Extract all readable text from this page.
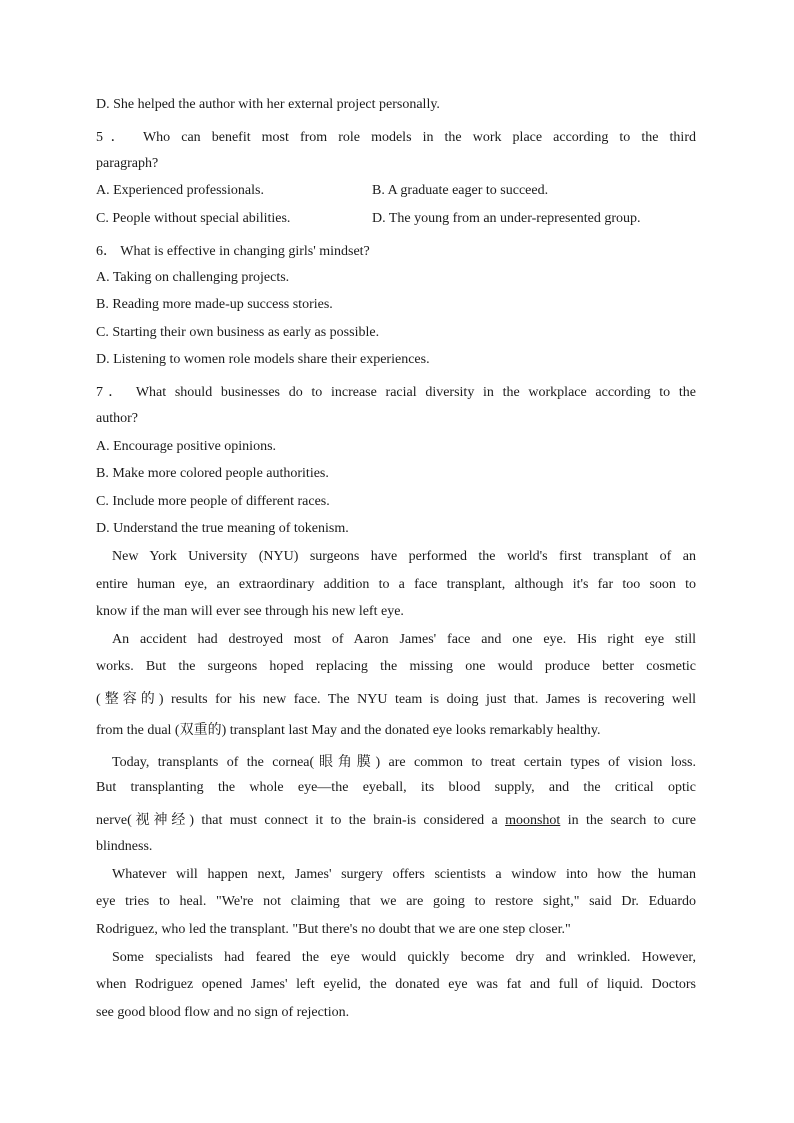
D. She helped the author with her external project personally.
5． Who can benefit most from role models in the work place according to the third
paragraph?
A. Experienced professionals.	B. A graduate eager to succeed.
C. People without special abilities.	D. The young from an under-represented group.
6． What is effective in changing girls' mindset?
A. Taking on challenging projects.
B. Reading more made-up success stories.
C. Starting their own business as early as possible.
D. Listening to women role models share their experiences.
7． What should businesses do to increase racial diversity in the workplace according to the
author?
A. Encourage positive opinions.
B. Make more colored people authorities.
C. Include more people of different races.
D. Understand the true meaning of tokenism.
New York University (NYU) surgeons have performed the world's first transplant of an
entire human eye, an extraordinary addition to a face transplant, although it's far too soon to
know if the man will ever see through his new left eye.
An accident had destroyed most of Aaron James' face and one eye. His right eye still
works. But the surgeons hoped replacing the missing one would produce better cosmetic
(整容的) results for his new face. The NYU team is doing just that. James is recovering well
from the dual (双重的) transplant last May and the donated eye looks remarkably healthy.
Today, transplants of the cornea(眼角膜) are common to treat certain types of vision loss.
But transplanting the whole eye—the eyeball, its blood supply, and the critical optic
nerve(视神经) that must connect it to the brain-is considered a moonshot in the search to cure
blindness.
Whatever will happen next, James' surgery offers scientists a window into how the human
eye tries to heal. "We're not claiming that we are going to restore sight," said Dr. Eduardo
Rodriguez, who led the transplant. "But there's no doubt that we are one step closer."
Some specialists had feared the eye would quickly become dry and wrinkled. However,
when Rodriguez opened James' left eyelid, the donated eye was fat and full of liquid. Doctors
see good blood flow and no sign of rejection.
